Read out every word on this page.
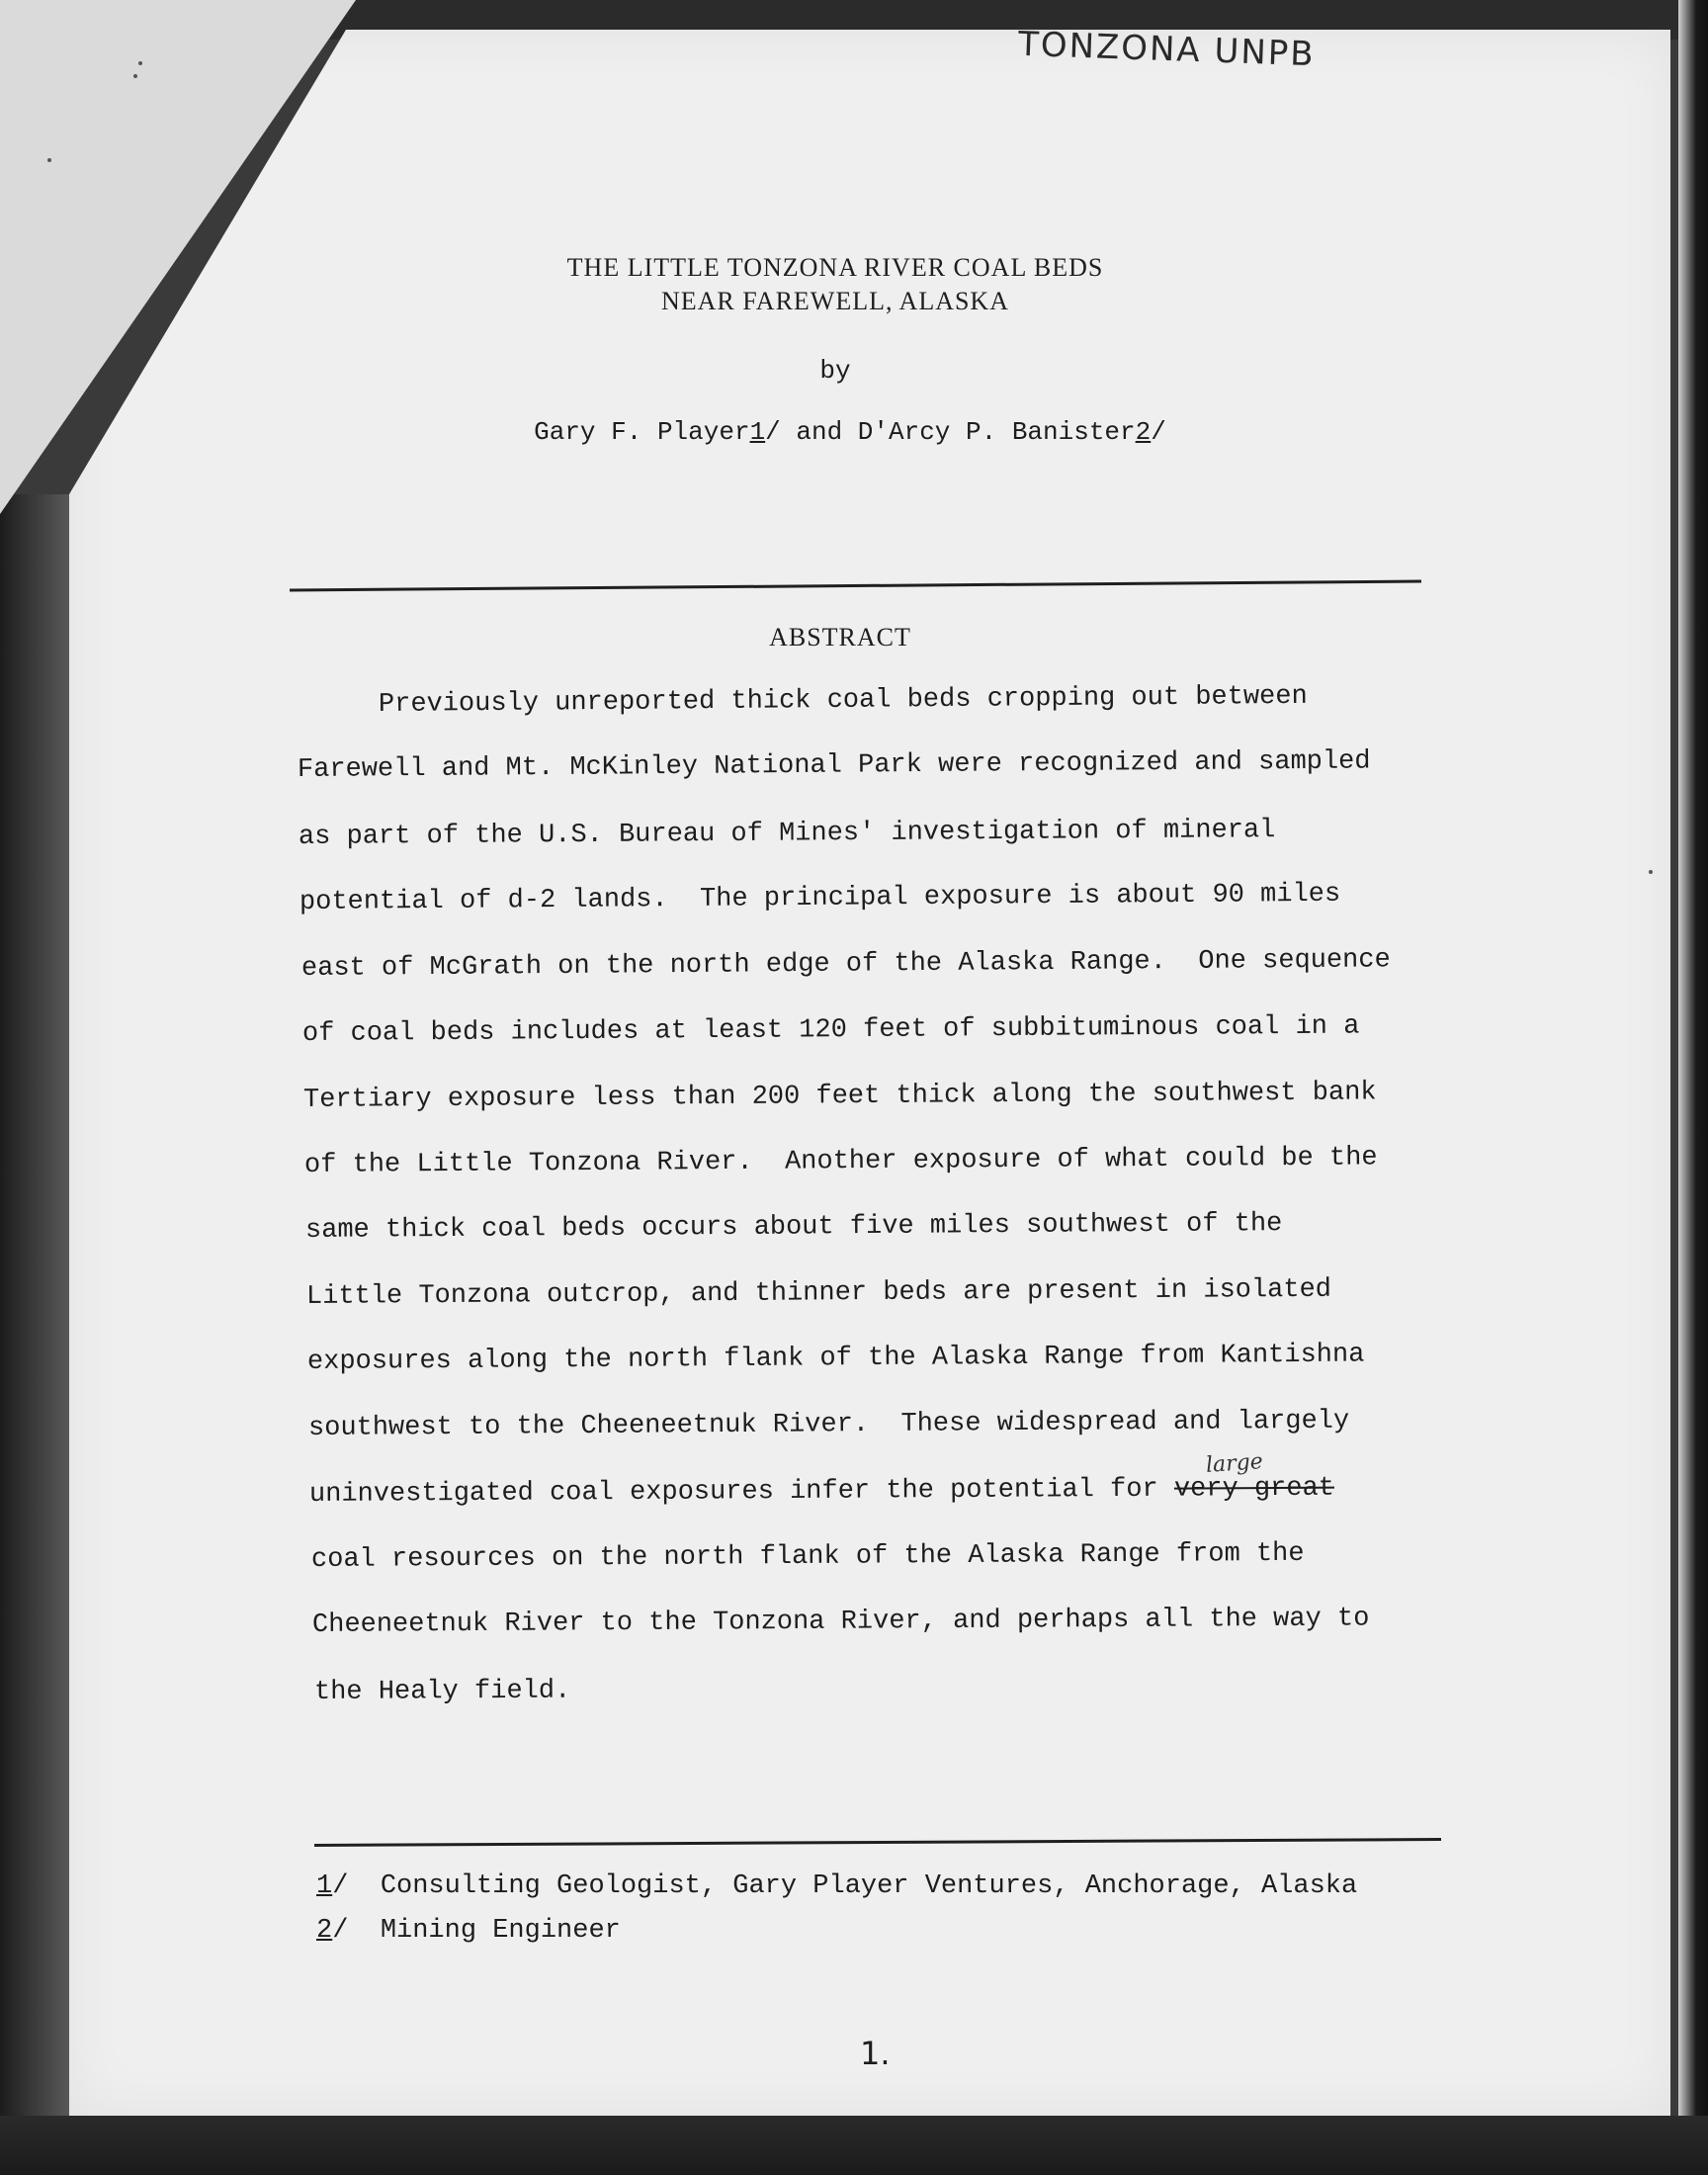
TONZONA UNPB
THE LITTLE TONZONA RIVER COAL BEDS
NEAR FAREWELL, ALASKA
by
Gary F. Player1/ and D'Arcy P. Banister2/
ABSTRACT
Previously unreported thick coal beds cropping out between
Farewell and Mt. McKinley National Park were recognized and sampled
as part of the U.S. Bureau of Mines' investigation of mineral
potential of d-2 lands.  The principal exposure is about 90 miles
east of McGrath on the north edge of the Alaska Range.  One sequence
of coal beds includes at least 120 feet of subbituminous coal in a
Tertiary exposure less than 200 feet thick along the southwest bank
of the Little Tonzona River.  Another exposure of what could be the
same thick coal beds occurs about five miles southwest of the
Little Tonzona outcrop, and thinner beds are present in isolated
exposures along the north flank of the Alaska Range from Kantishna
southwest to the Cheeneetnuk River.  These widespread and largely
uninvestigated coal exposures infer the potential for very great
large
coal resources on the north flank of the Alaska Range from the
Cheeneetnuk River to the Tonzona River, and perhaps all the way to
the Healy field.
1/  Consulting Geologist, Gary Player Ventures, Anchorage, Alaska
2/  Mining Engineer
1.
